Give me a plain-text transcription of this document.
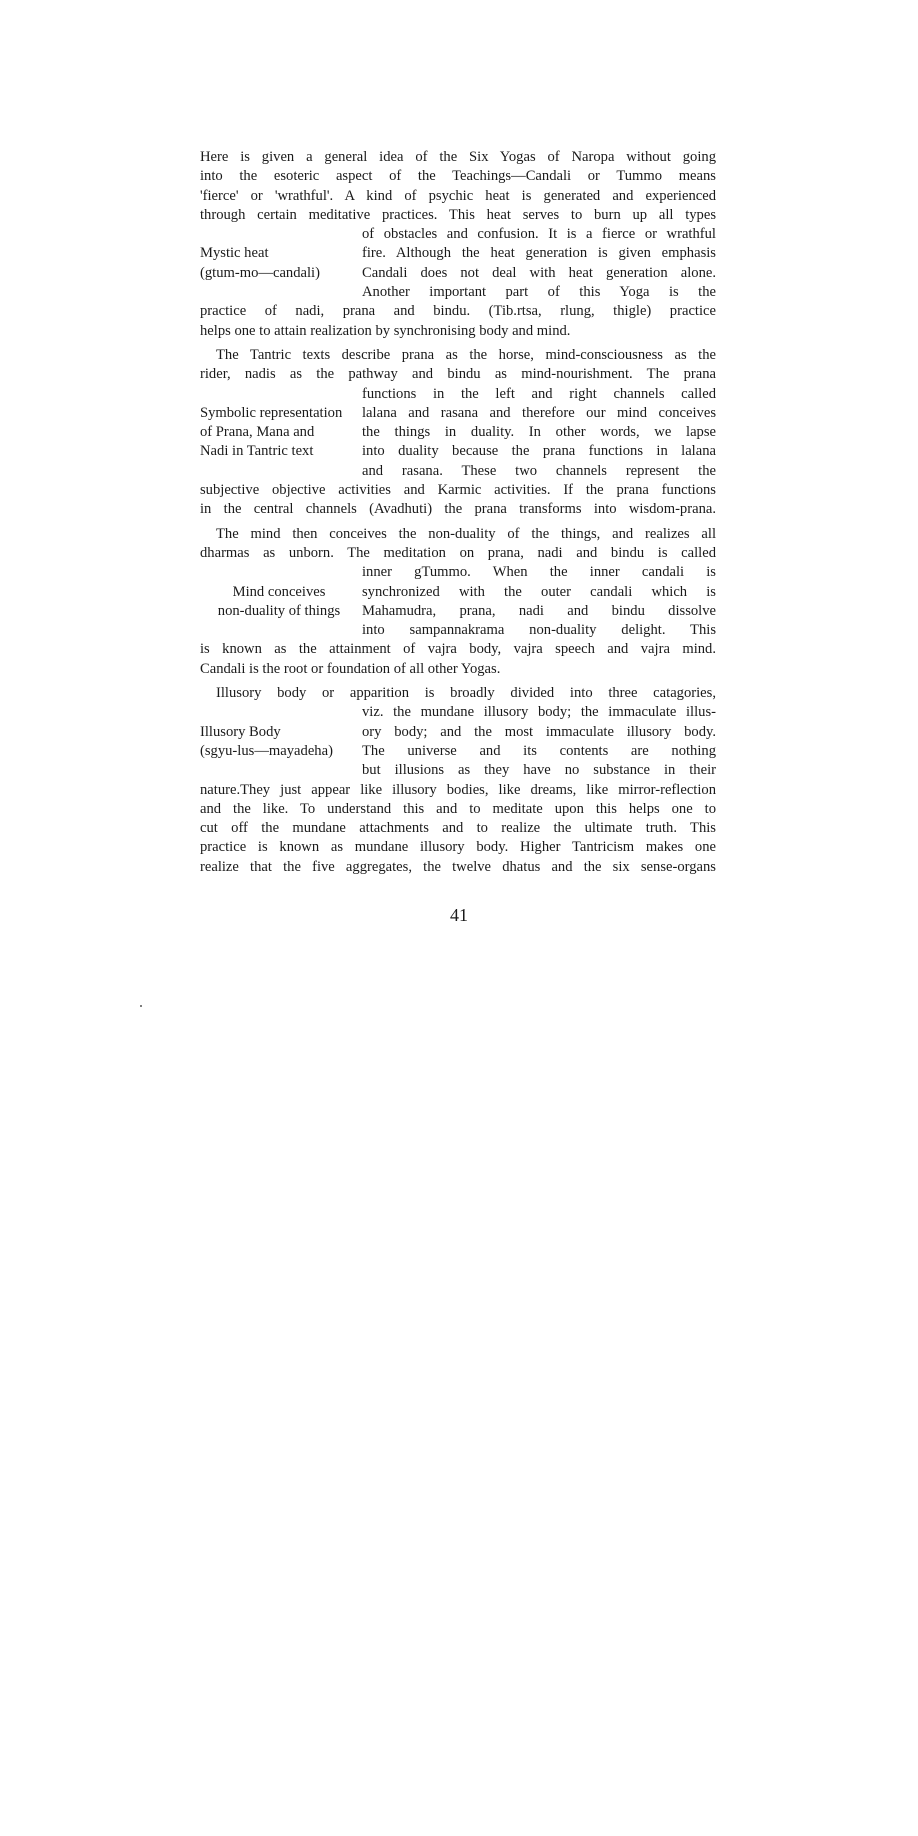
Here is given a general idea of the Six Yogas of Naropa without going
into the esoteric aspect of the Teachings—Candali or Tummo means
'fierce' or 'wrathful'. A kind of psychic heat is generated and experienced
through certain meditative practices. This heat serves to burn up all types
of obstacles and confusion. It is a fierce or wrathful
Mystic heat	fire. Although the heat generation is given emphasis
(gtum-mo—candali)	Candali does not deal with heat generation alone.
Another important part of this Yoga is the
practice of nadi, prana and bindu. (Tib.rtsa, rlung, thigle) practice
helps one to attain realization by synchronising body and mind.
The Tantric texts describe prana as the horse, mind-consciousness as the
rider, nadis as the pathway and bindu as mind-nourishment. The prana
functions in the left and right channels called
Symbolic representation lalana and rasana and therefore our mind conceives
of Prana, Mana and	the things in duality. In other words, we lapse
Nadi in Tantric text	into duality because the prana functions in lalana
and rasana. These two channels represent the
subjective objective activities and Karmic activities. If the prana functions
in the central channels (Avadhuti) the prana transforms into wisdom-prana.
The mind then conceives the non-duality of the things, and realizes all
dharmas as unborn. The meditation on prana, nadi and bindu is called
inner gTummo. When the inner candali is
Mind conceives	synchronized with the outer candali which is
non-duality of things	Mahamudra, prana, nadi and bindu dissolve
into sampannakrama non-duality delight. This
is known as the attainment of vajra body, vajra speech and vajra mind.
Candali is the root or foundation of all other Yogas.
Illusory body or apparition is broadly divided into three catagories,
viz. the mundane illusory body; the immaculate illus-
Illusory Body	ory body; and the most immaculate illusory body.
(sgyu-lus—mayadeha) The universe and its contents are nothing
but illusions as they have no substance in their
nature.They just appear like illusory bodies, like dreams, like mirror-reflection
and the like. To understand this and to meditate upon this helps one to
cut off the mundane attachments and to realize the ultimate truth. This
practice is known as mundane illusory body. Higher Tantricism makes one
realize that the five aggregates, the twelve dhatus and the six sense-organs
41
